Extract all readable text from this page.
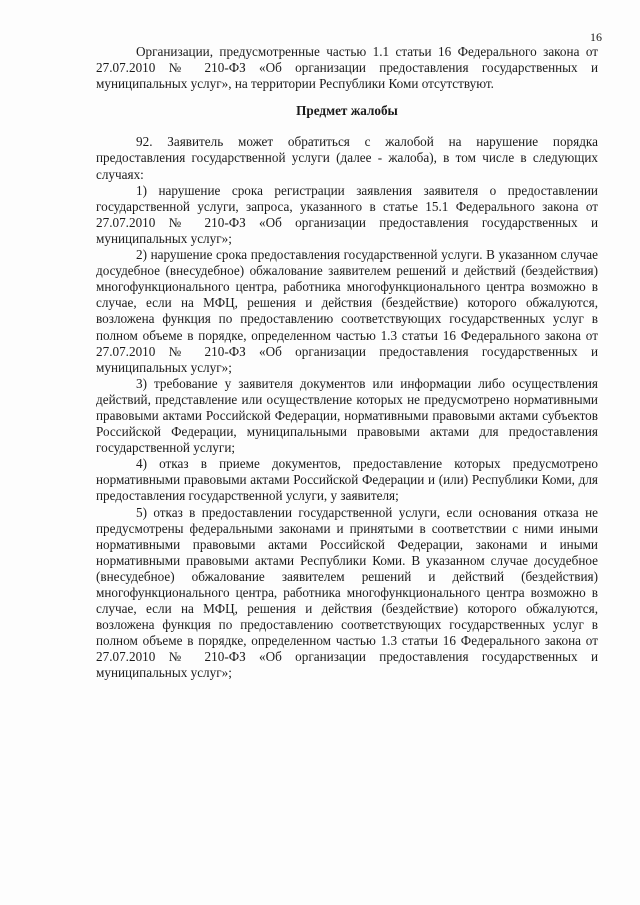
16

Организации, предусмотренные частью 1.1 статьи 16 Федерального закона от 27.07.2010 № 210-ФЗ «Об организации предоставления государственных и муниципальных услуг», на территории Республики Коми отсутствуют.

Предмет жалобы

92. Заявитель может обратиться с жалобой на нарушение порядка предоставления государственной услуги (далее - жалоба), в том числе в следующих случаях:

1) нарушение срока регистрации заявления заявителя о предоставлении государственной услуги, запроса, указанного в статье 15.1 Федерального закона от 27.07.2010 № 210-ФЗ «Об организации предоставления государственных и муниципальных услуг»;

2) нарушение срока предоставления государственной услуги. В указанном случае досудебное (внесудебное) обжалование заявителем решений и действий (бездействия) многофункционального центра, работника многофункционального центра возможно в случае, если на МФЦ, решения и действия (бездействие) которого обжалуются, возложена функция по предоставлению соответствующих государственных услуг в полном объеме в порядке, определенном частью 1.3 статьи 16 Федерального закона от 27.07.2010 № 210-ФЗ «Об организации предоставления государственных и муниципальных услуг»;

3) требование у заявителя документов или информации либо осуществления действий, представление или осуществление которых не предусмотрено нормативными правовыми актами Российской Федерации, нормативными правовыми актами субъектов Российской Федерации, муниципальными правовыми актами для предоставления государственной услуги;

4) отказ в приеме документов, предоставление которых предусмотрено нормативными правовыми актами Российской Федерации и (или) Республики Коми, для предоставления государственной услуги, у заявителя;

5) отказ в предоставлении государственной услуги, если основания отказа не предусмотрены федеральными законами и принятыми в соответствии с ними иными нормативными правовыми актами Российской Федерации, законами и иными нормативными правовыми актами Республики Коми. В указанном случае досудебное (внесудебное) обжалование заявителем решений и действий (бездействия) многофункционального центра, работника многофункционального центра возможно в случае, если на МФЦ, решения и действия (бездействие) которого обжалуются, возложена функция по предоставлению соответствующих государственных услуг в полном объеме в порядке, определенном частью 1.3 статьи 16 Федерального закона от 27.07.2010 № 210-ФЗ «Об организации предоставления государственных и муниципальных услуг»;
